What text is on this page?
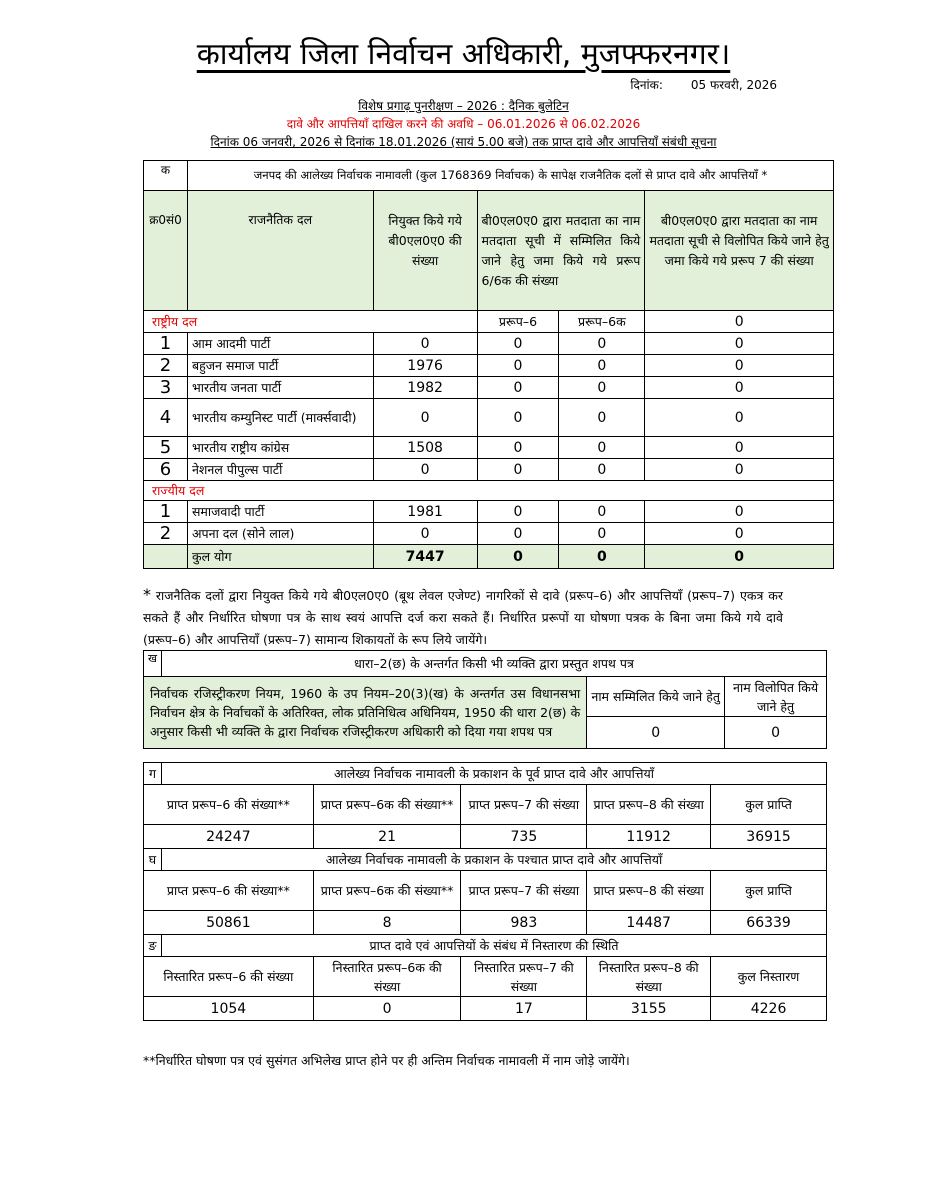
कार्यालय जिला निर्वाचन अधिकारी, मुजफ्फरनगर।
दिनांक: 05 फरवरी, 2026
विशेष प्रगाढ़ पुनरीक्षण – 2026 : दैनिक बुलेटिन
दावे और आपत्तियाँ दाखिल करने की अवधि – 06.01.2026 से 06.02.2026
दिनांक 06 जनवरी, 2026 से दिनांक 18.01.2026 (सायं 5.00 बजे) तक प्राप्त दावे और आपत्तियाँ संबंधी सूचना
क	जनपद की आलेख्य निर्वाचक नामावली (कुल 1768369 निर्वाचक) के सापेक्ष राजनैतिक दलों से प्राप्त दावे और आपत्तियाँ *				
क्र0सं0	राजनैतिक दल	नियुक्त किये गये बी0एल0ए0 की संख्या	बी0एल0ए0 द्वारा मतदाता का नाम मतदाता सूची में सम्मिलित किये जाने हेतु जमा किये गये प्ररूप 6/6क की संख्या		बी0एल0ए0 द्वारा मतदाता का नाम मतदाता सूची से विलोपित किये जाने हेतु जमा किये गये प्ररूप 7 की संख्या
राष्ट्रीय दल			प्ररूप–6	प्ररूप–6क	0
1	आम आदमी पार्टी	0	0	0	0
2	बहुजन समाज पार्टी	1976	0	0	0
3	भारतीय जनता पार्टी	1982	0	0	0
4	भारतीय कम्युनिस्ट पार्टी (मार्क्सवादी)	0	0	0	0
5	भारतीय राष्ट्रीय कांग्रेस	1508	0	0	0
6	नेशनल पीपुल्स पार्टी	0	0	0	0
राज्यीय दल					
1	समाजवादी पार्टी	1981	0	0	0
2	अपना दल (सोने लाल)	0	0	0	0
	कुल योग	7447	0	0	0
* राजनैतिक दलों द्वारा नियुक्त किये गये बी0एल0ए0 (बूथ लेवल एजेण्ट) नागरिकों से दावे (प्ररूप–6) और आपत्तियाँ (प्ररूप–7) एकत्र कर सकते हैं और निर्धारित घोषणा पत्र के साथ स्वयं आपत्ति दर्ज करा सकते हैं। निर्धारित प्ररूपों या घोषणा पत्रक के बिना जमा किये गये दावे (प्ररूप–6) और आपत्तियाँ (प्ररूप–7) सामान्य शिकायतों के रूप लिये जायेंगे।
ख	धारा–2(छ) के अन्तर्गत किसी भी व्यक्ति द्वारा प्रस्तुत शपथ पत्र		
निर्वाचक रजिस्ट्रीकरण नियम, 1960 के उप नियम–20(3)(ख) के अन्तर्गत उस विधानसभा निर्वाचन क्षेत्र के निर्वाचकों के अतिरिक्त, लोक प्रतिनिधित्व अधिनियम, 1950 की धारा 2(छ) के अनुसार किसी भी व्यक्ति के द्वारा निर्वाचक रजिस्ट्रीकरण अधिकारी को दिया गया शपथ पत्र		नाम सम्मिलित किये जाने हेतु	नाम विलोपित किये जाने हेतु
		0	0
ग	आलेख्य निर्वाचक नामावली के प्रकाशन के पूर्व प्राप्त दावे और आपत्तियाँ				
प्राप्त प्ररूप–6 की संख्या**		प्राप्त प्ररूप–6क की संख्या**	प्राप्त प्ररूप–7 की संख्या	प्राप्त प्ररूप–8 की संख्या	कुल प्राप्ति
24247		21	735	11912	36915
घ	आलेख्य निर्वाचक नामावली के प्रकाशन के पश्चात प्राप्त दावे और आपत्तियाँ				
प्राप्त प्ररूप–6 की संख्या**		प्राप्त प्ररूप–6क की संख्या**	प्राप्त प्ररूप–7 की संख्या	प्राप्त प्ररूप–8 की संख्या	कुल प्राप्ति
50861		8	983	14487	66339
ङ	प्राप्त दावे एवं आपत्तियों के संबंध में निस्तारण की स्थिति				
निस्तारित प्ररूप–6 की संख्या		निस्तारित प्ररूप–6क की संख्या	निस्तारित प्ररूप–7 की संख्या	निस्तारित प्ररूप–8 की संख्या	कुल निस्तारण
1054		0	17	3155	4226
**निर्धारित घोषणा पत्र एवं सुसंगत अभिलेख प्राप्त होने पर ही अन्तिम निर्वाचक नामावली में नाम जोड़े जायेंगे।
